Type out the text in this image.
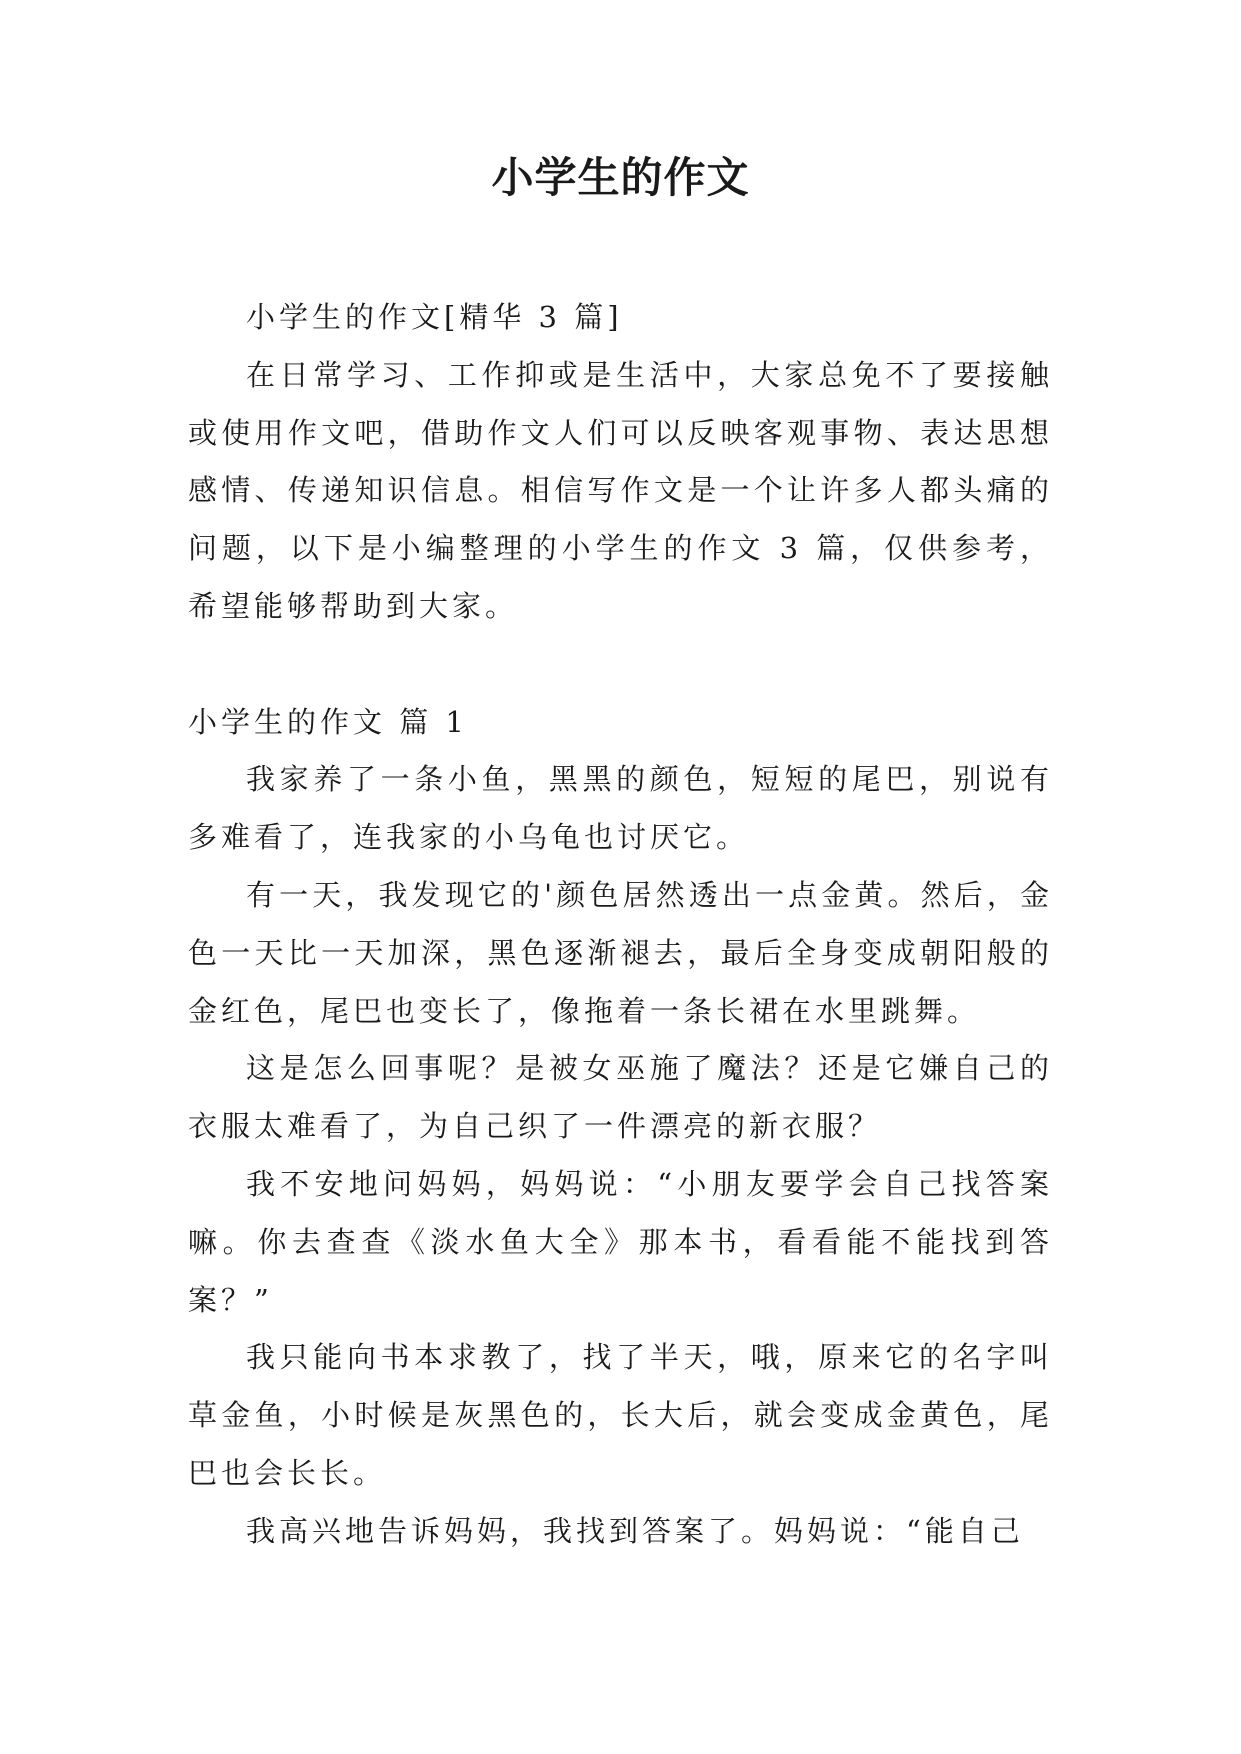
小学生的作文

小学生的作文[精华 3 篇]

在日常学习、工作抑或是生活中，大家总免不了要接触或使用作文吧，借助作文人们可以反映客观事物、表达思想感情、传递知识信息。相信写作文是一个让许多人都头痛的问题，以下是小编整理的小学生的作文 3 篇，仅供参考，希望能够帮助到大家。

小学生的作文 篇 1

我家养了一条小鱼，黑黑的颜色，短短的尾巴，别说有多难看了，连我家的小乌龟也讨厌它。

有一天，我发现它的'颜色居然透出一点金黄。然后，金色一天比一天加深，黑色逐渐褪去，最后全身变成朝阳般的金红色，尾巴也变长了，像拖着一条长裙在水里跳舞。

这是怎么回事呢？是被女巫施了魔法？还是它嫌自己的衣服太难看了，为自己织了一件漂亮的新衣服？

我不安地问妈妈，妈妈说：“小朋友要学会自己找答案嘛。你去查查《淡水鱼大全》那本书，看看能不能找到答案？”

我只能向书本求教了，找了半天，哦，原来它的名字叫草金鱼，小时候是灰黑色的，长大后，就会变成金黄色，尾巴也会长长。

我高兴地告诉妈妈，我找到答案了。妈妈说：“能自己
